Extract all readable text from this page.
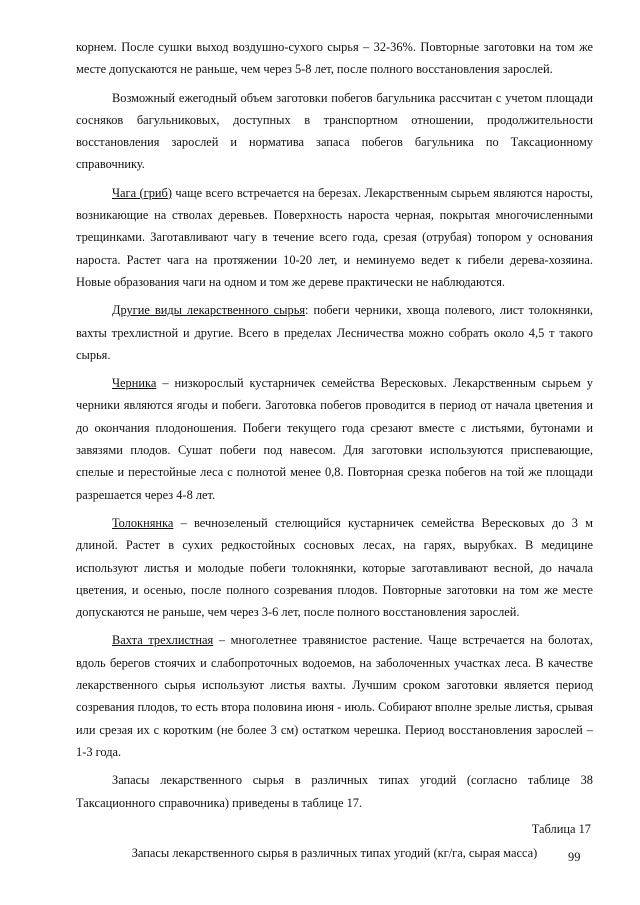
корнем. После сушки выход воздушно-сухого сырья – 32-36%. Повторные заготовки на том же месте допускаются не раньше, чем через 5-8 лет, после полного восстановления зарослей.

Возможный ежегодный объем заготовки побегов багульника рассчитан с учетом площади сосняков багульниковых, доступных в транспортном отношении, продолжительности восстановления зарослей и норматива запаса побегов багульника по Таксационному справочнику.

Чага (гриб) чаще всего встречается на березах. Лекарственным сырьем являются наросты, возникающие на стволах деревьев. Поверхность нароста черная, покрытая многочисленными трещинками. Заготавливают чагу в течение всего года, срезая (отрубая) топором у основания нароста. Растет чага на протяжении 10-20 лет, и неминуемо ведет к гибели дерева-хозяина. Новые образования чаги на одном и том же дереве практически не наблюдаются.

Другие виды лекарственного сырья: побеги черники, хвоща полевого, лист толокнянки, вахты трехлистной и другие. Всего в пределах Лесничества можно собрать около 4,5 т такого сырья.

Черника – низкорослый кустарничек семейства Вересковых. Лекарственным сырьем у черники являются ягоды и побеги. Заготовка побегов проводится в период от начала цветения и до окончания плодоношения. Побеги текущего года срезают вместе с листьями, бутонами и завязями плодов. Сушат побеги под навесом. Для заготовки используются приспевающие, спелые и перестойные леса с полнотой менее 0,8. Повторная срезка побегов на той же площади разрешается через 4-8 лет.

Толокнянка – вечнозеленый стелющийся кустарничек семейства Вересковых до 3 м длиной. Растет в сухих редкостойных сосновых лесах, на гарях, вырубках. В медицине используют листья и молодые побеги толокнянки, которые заготавливают весной, до начала цветения, и осенью, после полного созревания плодов. Повторные заготовки на том же месте допускаются не раньше, чем через 3-6 лет, после полного восстановления зарослей.

Вахта трехлистная – многолетнее травянистое растение. Чаще встречается на болотах, вдоль берегов стоячих и слабопроточных водоемов, на заболоченных участках леса. В качестве лекарственного сырья используют листья вахты. Лучшим сроком заготовки является период созревания плодов, то есть втора половина июня - июль. Собирают вполне зрелые листья, срывая или срезая их с коротким (не более 3 см) остатком черешка. Период восстановления зарослей – 1-3 года.

Запасы лекарственного сырья в различных типах угодий (согласно таблице 38 Таксационного справочника) приведены в таблице 17.

Таблица 17

Запасы лекарственного сырья в различных типах угодий (кг/га, сырая масса)	99
